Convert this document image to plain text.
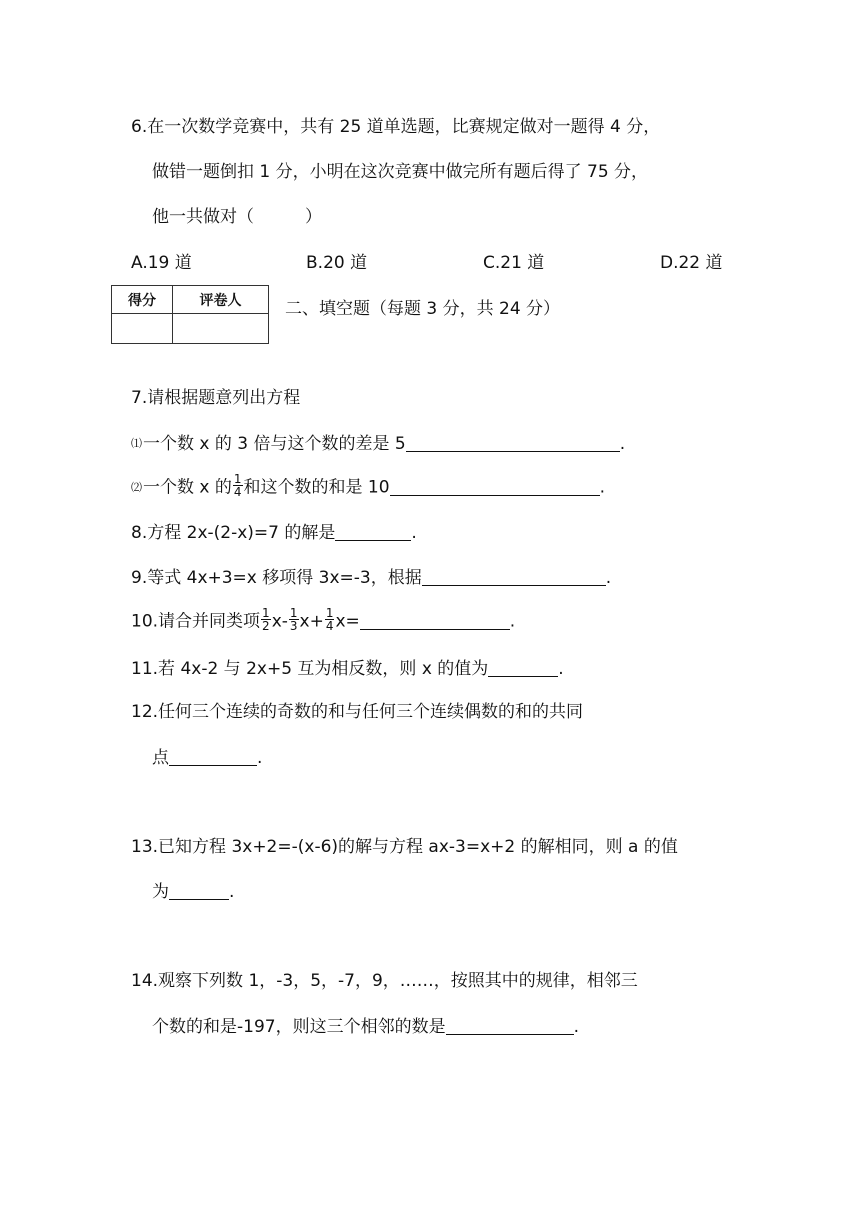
6.在一次数学竞赛中，共有 25 道单选题，比赛规定做对一题得 4 分，
做错一题倒扣 1 分，小明在这次竞赛中做完所有题后得了 75 分，
他一共做对（　　　）
A.19 道	B.20 道	C.21 道	D.22 道
得分	评卷人
		二、填空题（每题 3 分，共 24 分）
7.请根据题意列出方程
⑴一个数 x 的 3 倍与这个数的差是 5	.
⑵一个数 x 的 $\frac{1}{4}$ 和这个数的和是 10	.
8.方程 2x-(2-x)=7 的解是	.
9.等式 4x+3=x 移项得 3x=-3，根据	.
10.请合并同类项 $\frac{1}{2} x- \frac{1}{3} x+ \frac{1}{4} x=$	.
11.若 4x-2 与 2x+5 互为相反数，则 x 的值为	.
12.任何三个连续的奇数的和与任何三个连续偶数的和的共同
点	.
13.已知方程 3x+2=-(x-6)的解与方程 ax-3=x+2 的解相同，则 a 的值
为	.
14.观察下列数 1，-3，5，-7，9，……，按照其中的规律，相邻三
个数的和是-197，则这三个相邻的数是	.
